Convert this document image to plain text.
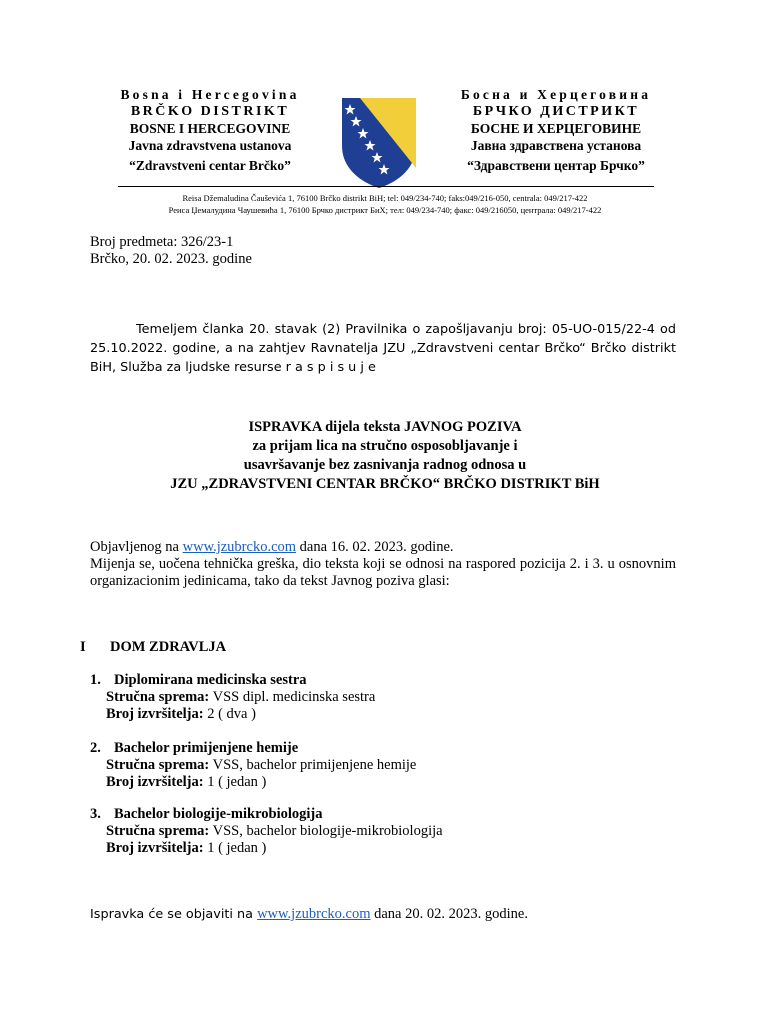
Bosna i Hercegovina
BRČKO DISTRIKT
BOSNE I HERCEGOVINE
Javna zdravstvena ustanova
“Zdravstveni centar Brčko”
Босна и Херцеговина
БРЧКО ДИСТРИКТ
БОСНЕ И ХЕРЦЕГОВИНЕ
Јавна здравствена установа
“Здравствени центар Брчко”
Reisa Džemaludina Čauševića 1, 76100 Brčko distrikt BiH; tel: 049/234-740; faks:049/216-050, centrala: 049/217-422
Реиса Џемалудина Чаушевића 1, 76100 Брчко дистрикт БиХ; тел: 049/234-740; факс: 049/216050, централа: 049/217-422
Broj predmeta: 326/23-1
Brčko, 20. 02. 2023. godine
Temeljem članka 20. stavak (2) Pravilnika o zapošljavanju broj: 05-UO-015/22-4 od 25.10.2022. godine, a na zahtjev Ravnatelja JZU „Zdravstveni centar Brčko“ Brčko distrikt BiH, Služba za ljudske resurse r a s p i s u j e
ISPRAVKA dijela teksta JAVNOG POZIVA
za prijam lica na stručno osposobljavanje i
usavršavanje bez zasnivanja radnog odnosa u
JZU „ZDRAVSTVENI CENTAR BRČKO“ BRČKO DISTRIKT BiH
Objavljenog na www.jzubrcko.com dana 16. 02. 2023. godine.
Mijenja se, uočena tehnička greška, dio teksta koji se odnosi na raspored pozicija 2. i 3. u osnovnim organizacionim jedinicama, tako da tekst Javnog poziva glasi:
I DOM ZDRAVLJA
1. Diplomirana medicinska sestra
Stručna sprema: VSS dipl. medicinska sestra
Broj izvršitelja: 2 ( dva )
2. Bachelor primijenjene hemije
Stručna sprema: VSS, bachelor primijenjene hemije
Broj izvršitelja: 1 ( jedan )
3. Bachelor biologije-mikrobiologija
Stručna sprema: VSS, bachelor biologije-mikrobiologija
Broj izvršitelja: 1 ( jedan )
Ispravka će se objaviti na www.jzubrcko.com dana 20. 02. 2023. godine.
